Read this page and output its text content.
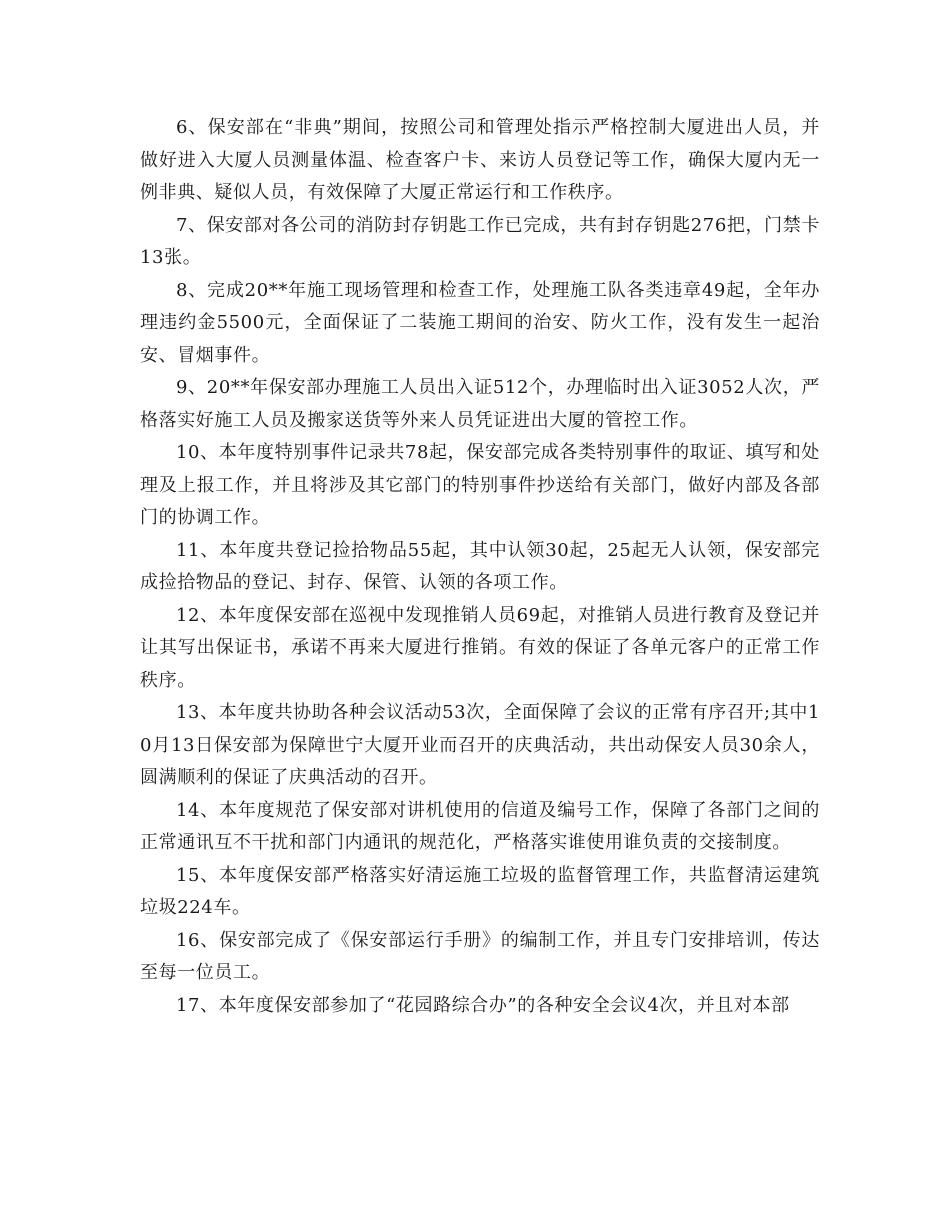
6、保安部在“非典”期间，按照公司和管理处指示严格控制大厦进出人员，并做好进入大厦人员测量体温、检查客户卡、来访人员登记等工作，确保大厦内无一例非典、疑似人员，有效保障了大厦正常运行和工作秩序。

7、保安部对各公司的消防封存钥匙工作已完成，共有封存钥匙276把，门禁卡13张。

8、完成20**年施工现场管理和检查工作，处理施工队各类违章49起，全年办理违约金5500元，全面保证了二装施工期间的治安、防火工作，没有发生一起治安、冒烟事件。

9、20**年保安部办理施工人员出入证512个，办理临时出入证3052人次，严格落实好施工人员及搬家送货等外来人员凭证进出大厦的管控工作。

10、本年度特别事件记录共78起，保安部完成各类特别事件的取证、填写和处理及上报工作，并且将涉及其它部门的特别事件抄送给有关部门，做好内部及各部门的协调工作。

11、本年度共登记捡拾物品55起，其中认领30起，25起无人认领，保安部完成捡拾物品的登记、封存、保管、认领的各项工作。

12、本年度保安部在巡视中发现推销人员69起，对推销人员进行教育及登记并让其写出保证书，承诺不再来大厦进行推销。有效的保证了各单元客户的正常工作秩序。

13、本年度共协助各种会议活动53次，全面保障了会议的正常有序召开;其中10月13日保安部为保障世宁大厦开业而召开的庆典活动，共出动保安人员30余人，圆满顺利的保证了庆典活动的召开。

14、本年度规范了保安部对讲机使用的信道及编号工作，保障了各部门之间的正常通讯互不干扰和部门内通讯的规范化，严格落实谁使用谁负责的交接制度。

15、本年度保安部严格落实好清运施工垃圾的监督管理工作，共监督清运建筑垃圾224车。

16、保安部完成了《保安部运行手册》的编制工作，并且专门安排培训，传达至每一位员工。

17、本年度保安部参加了“花园路综合办”的各种安全会议4次，并且对本部
